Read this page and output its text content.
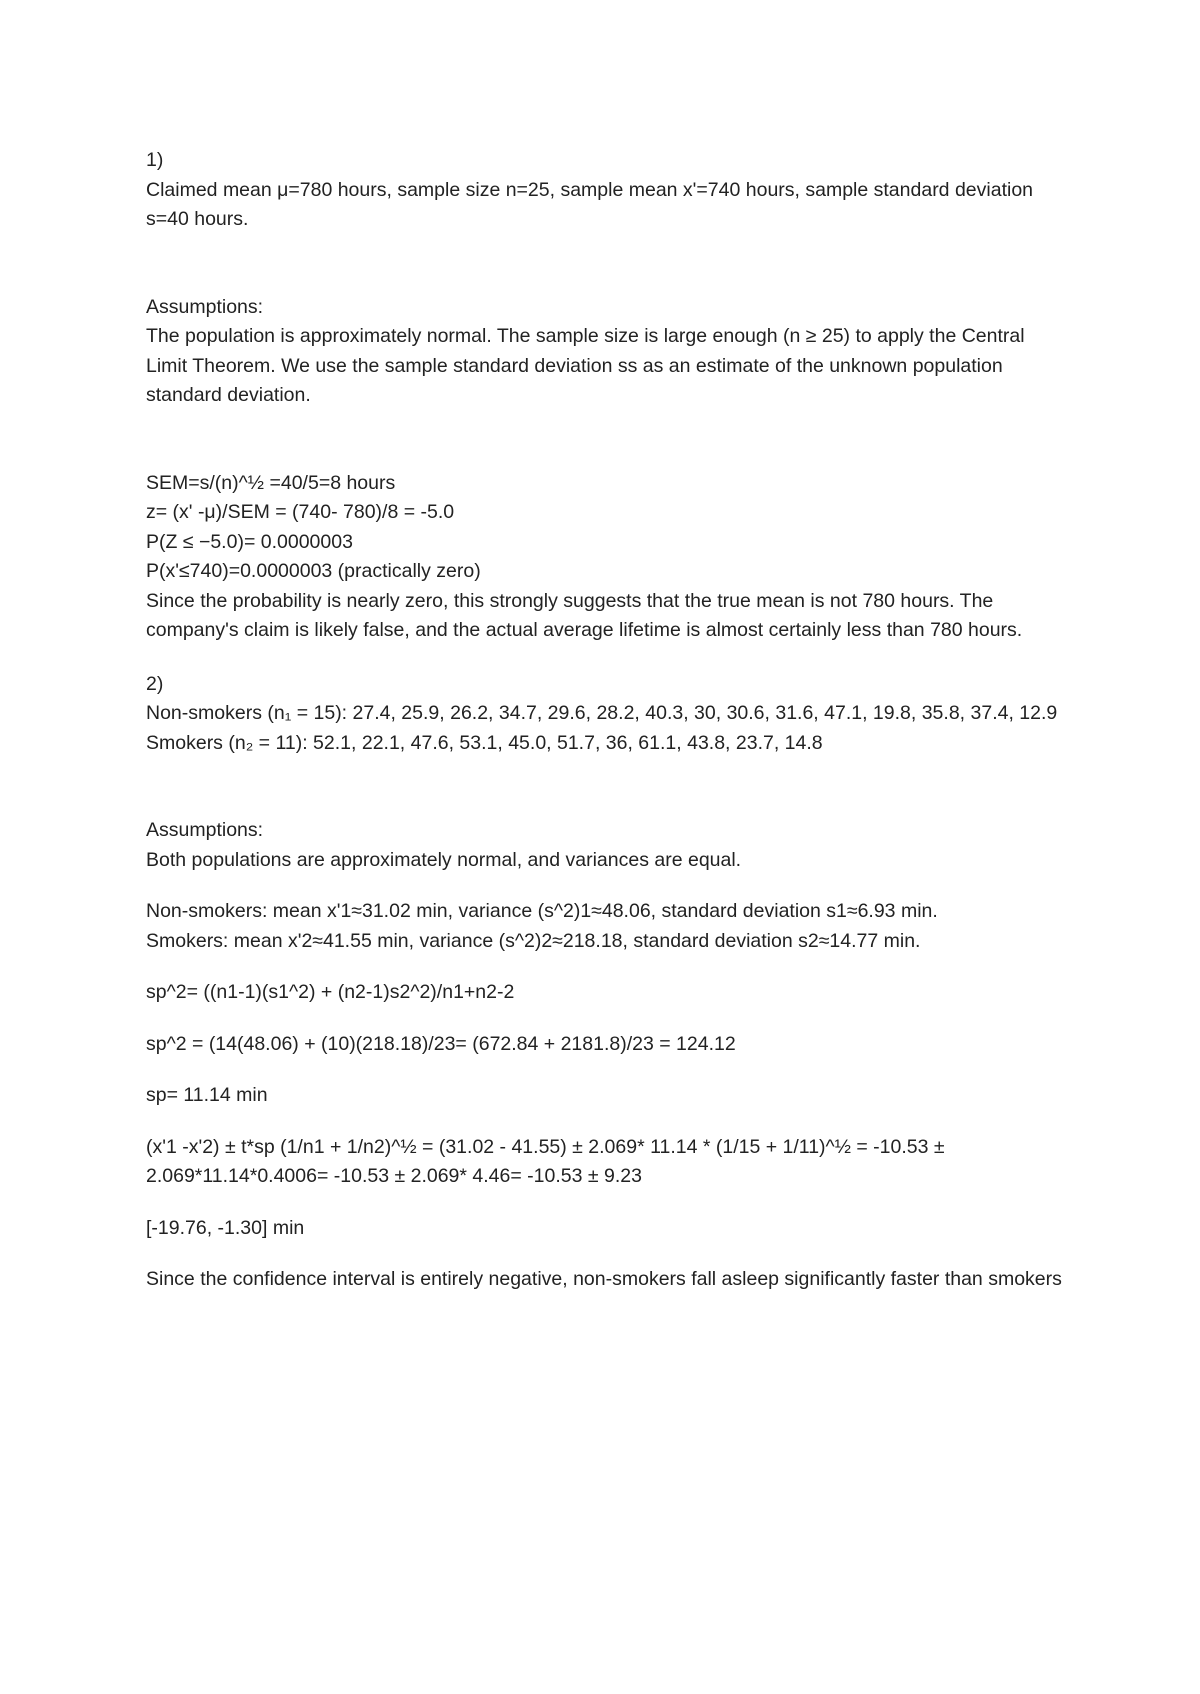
1)

Claimed mean μ=780 hours, sample size n=25, sample mean x'=740 hours, sample standard deviation s=40 hours.

Assumptions:

The population is approximately normal. The sample size is large enough (n ≥ 25) to apply the Central Limit Theorem. We use the sample standard deviation ss as an estimate of the unknown population standard deviation.

SEM=s/(n)^½ =40/5=8 hours

z= (x' -μ)/SEM = (740- 780)/8 = -5.0

P(Z ≤ −5.0)= 0.0000003

P(x'≤740)=0.0000003 (practically zero)

Since the probability is nearly zero, this strongly suggests that the true mean is not 780 hours. The company's claim is likely false, and the actual average lifetime is almost certainly less than 780 hours.

2)

Non-smokers (n₁ = 15): 27.4, 25.9, 26.2, 34.7, 29.6, 28.2, 40.3, 30, 30.6, 31.6, 47.1, 19.8, 35.8, 37.4, 12.9

Smokers (n₂ = 11): 52.1, 22.1, 47.6, 53.1, 45.0, 51.7, 36, 61.1, 43.8, 23.7, 14.8

Assumptions:

Both populations are approximately normal, and variances are equal.

Non-smokers: mean x'1≈31.02 min, variance (s^2)1≈48.06, standard deviation s1≈6.93 min.

Smokers: mean x'2≈41.55 min, variance (s^2)2≈218.18, standard deviation s2≈14.77 min.

sp^2= ((n1-1)(s1^2) + (n2-1)s2^2)/n1+n2-2

sp^2 = (14(48.06) + (10)(218.18)/23= (672.84 + 2181.8)/23 = 124.12

sp= 11.14 min

(x'1 -x'2) ± t*sp (1/n1 + 1/n2)^½ = (31.02 - 41.55) ± 2.069* 11.14 * (1/15 + 1/11)^½ = -10.53 ± 2.069*11.14*0.4006= -10.53 ± 2.069* 4.46= -10.53 ± 9.23

[-19.76, -1.30] min

Since the confidence interval is entirely negative, non-smokers fall asleep significantly faster than smokers
